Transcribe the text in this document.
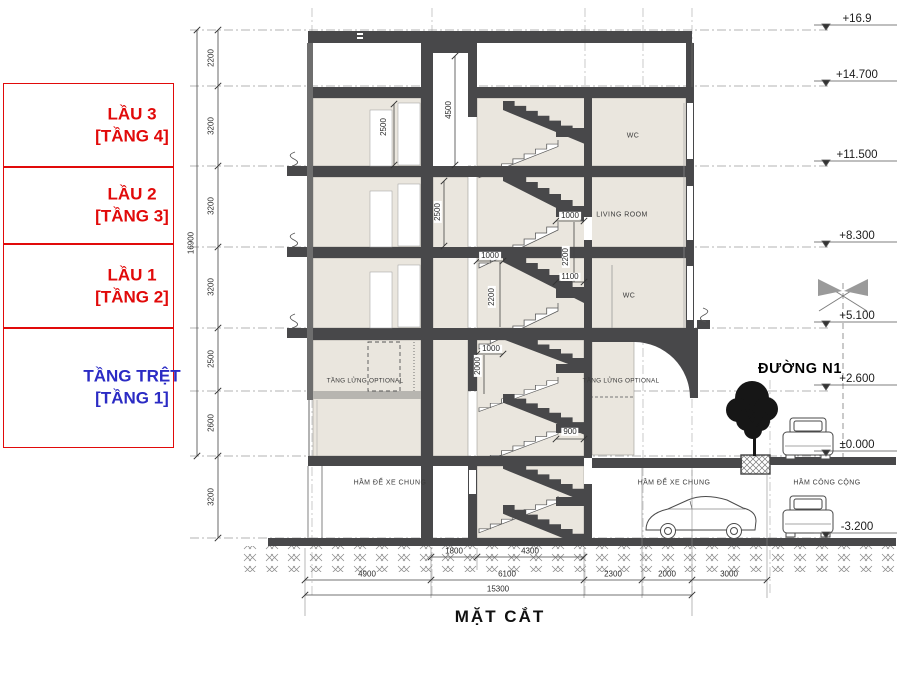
LẦU 3
[TẦNG 4]
LẦU 2
[TẦNG 3]
LẦU 1
[TẦNG 2]
TẦNG TRỆT
[TẦNG 1]
16900
2200
3200
3200
3200
2500
2600
3200
4500
2500
2500	1000
2200
1100
1000
2200
1000
2000
900
WC
LIVING ROOM
WC
TẦNG LỬNG OPTIONAL	TẦNG LỬNG OPTIONAL
HẦM ĐỂ XE CHUNG	HẦM ĐỂ XE CHUNG	HẦM CÔNG CỘNG
ĐƯỜNG N1
+16.9
+14.700
+11.500
+8.300
+5.100
+2.600
±0.000
-3.200
1800	4300
4900	6100	2300	2000	3000
15300
MẶT CẮT
